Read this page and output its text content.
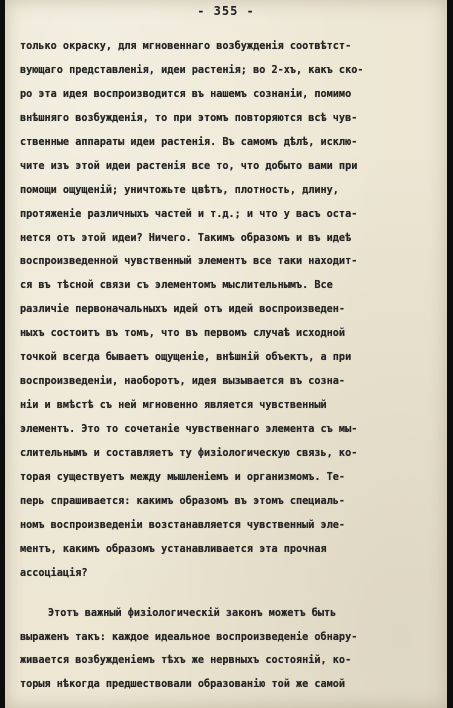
- 355 -
только окраску, для мгновеннаго возбужденія соотвѣтст-
вующаго представленія, идеи растенія; во 2-хъ, какъ ско-
ро эта идея воспроизводится въ нашемъ сознаніи, помимо
внѣшняго возбужденія, то при этомъ повторяются всѣ чув-
ственные аппараты идеи растенія. Въ самомъ дѣлѣ, исклю-
чите изъ этой идеи растенія все то, что добыто вами при
помощи ощущеній; уничтожьте цвѣтъ, плотность, длину,
протяженіе различныхъ частей и т.д.; и что у васъ оста-
нется отъ этой идеи? Ничего. Такимъ образомъ и въ идеѣ
воспроизведенной чувственный элементъ все таки находит-
ся въ тѣсной связи съ элементомъ мыслительнымъ. Все
различіе первоначальныхъ идей отъ идей воспроизведен-
ныхъ состоитъ въ томъ, что въ первомъ случаѣ исходной
точкой всегда бываетъ ощущеніе, внѣшній объектъ, а при
воспроизведеніи, наоборотъ, идея вызывается въ созна-
ніи и вмѣстѣ съ ней мгновенно является чувственный
элементъ. Это то сочетаніе чувственнаго элемента съ мы-
слительнымъ и составляетъ ту физіологическую связь, ко-
торая существуетъ между мышленіемъ и организмомъ. Те-
перь спрашивается: какимъ образомъ въ этомъ специаль-
номъ воспроизведеніи возстанавляется чувственный эле-
ментъ, какимъ образомъ устанавливается эта прочная
ассоціація?
Этотъ важный физіологическій законъ можетъ быть
выраженъ такъ: каждое идеальное воспроизведеніе обнару-
живается возбужденіемъ тѣхъ же нервныхъ состояній, ко-
торыя нѣкогда предшествовали образованію той же самой
